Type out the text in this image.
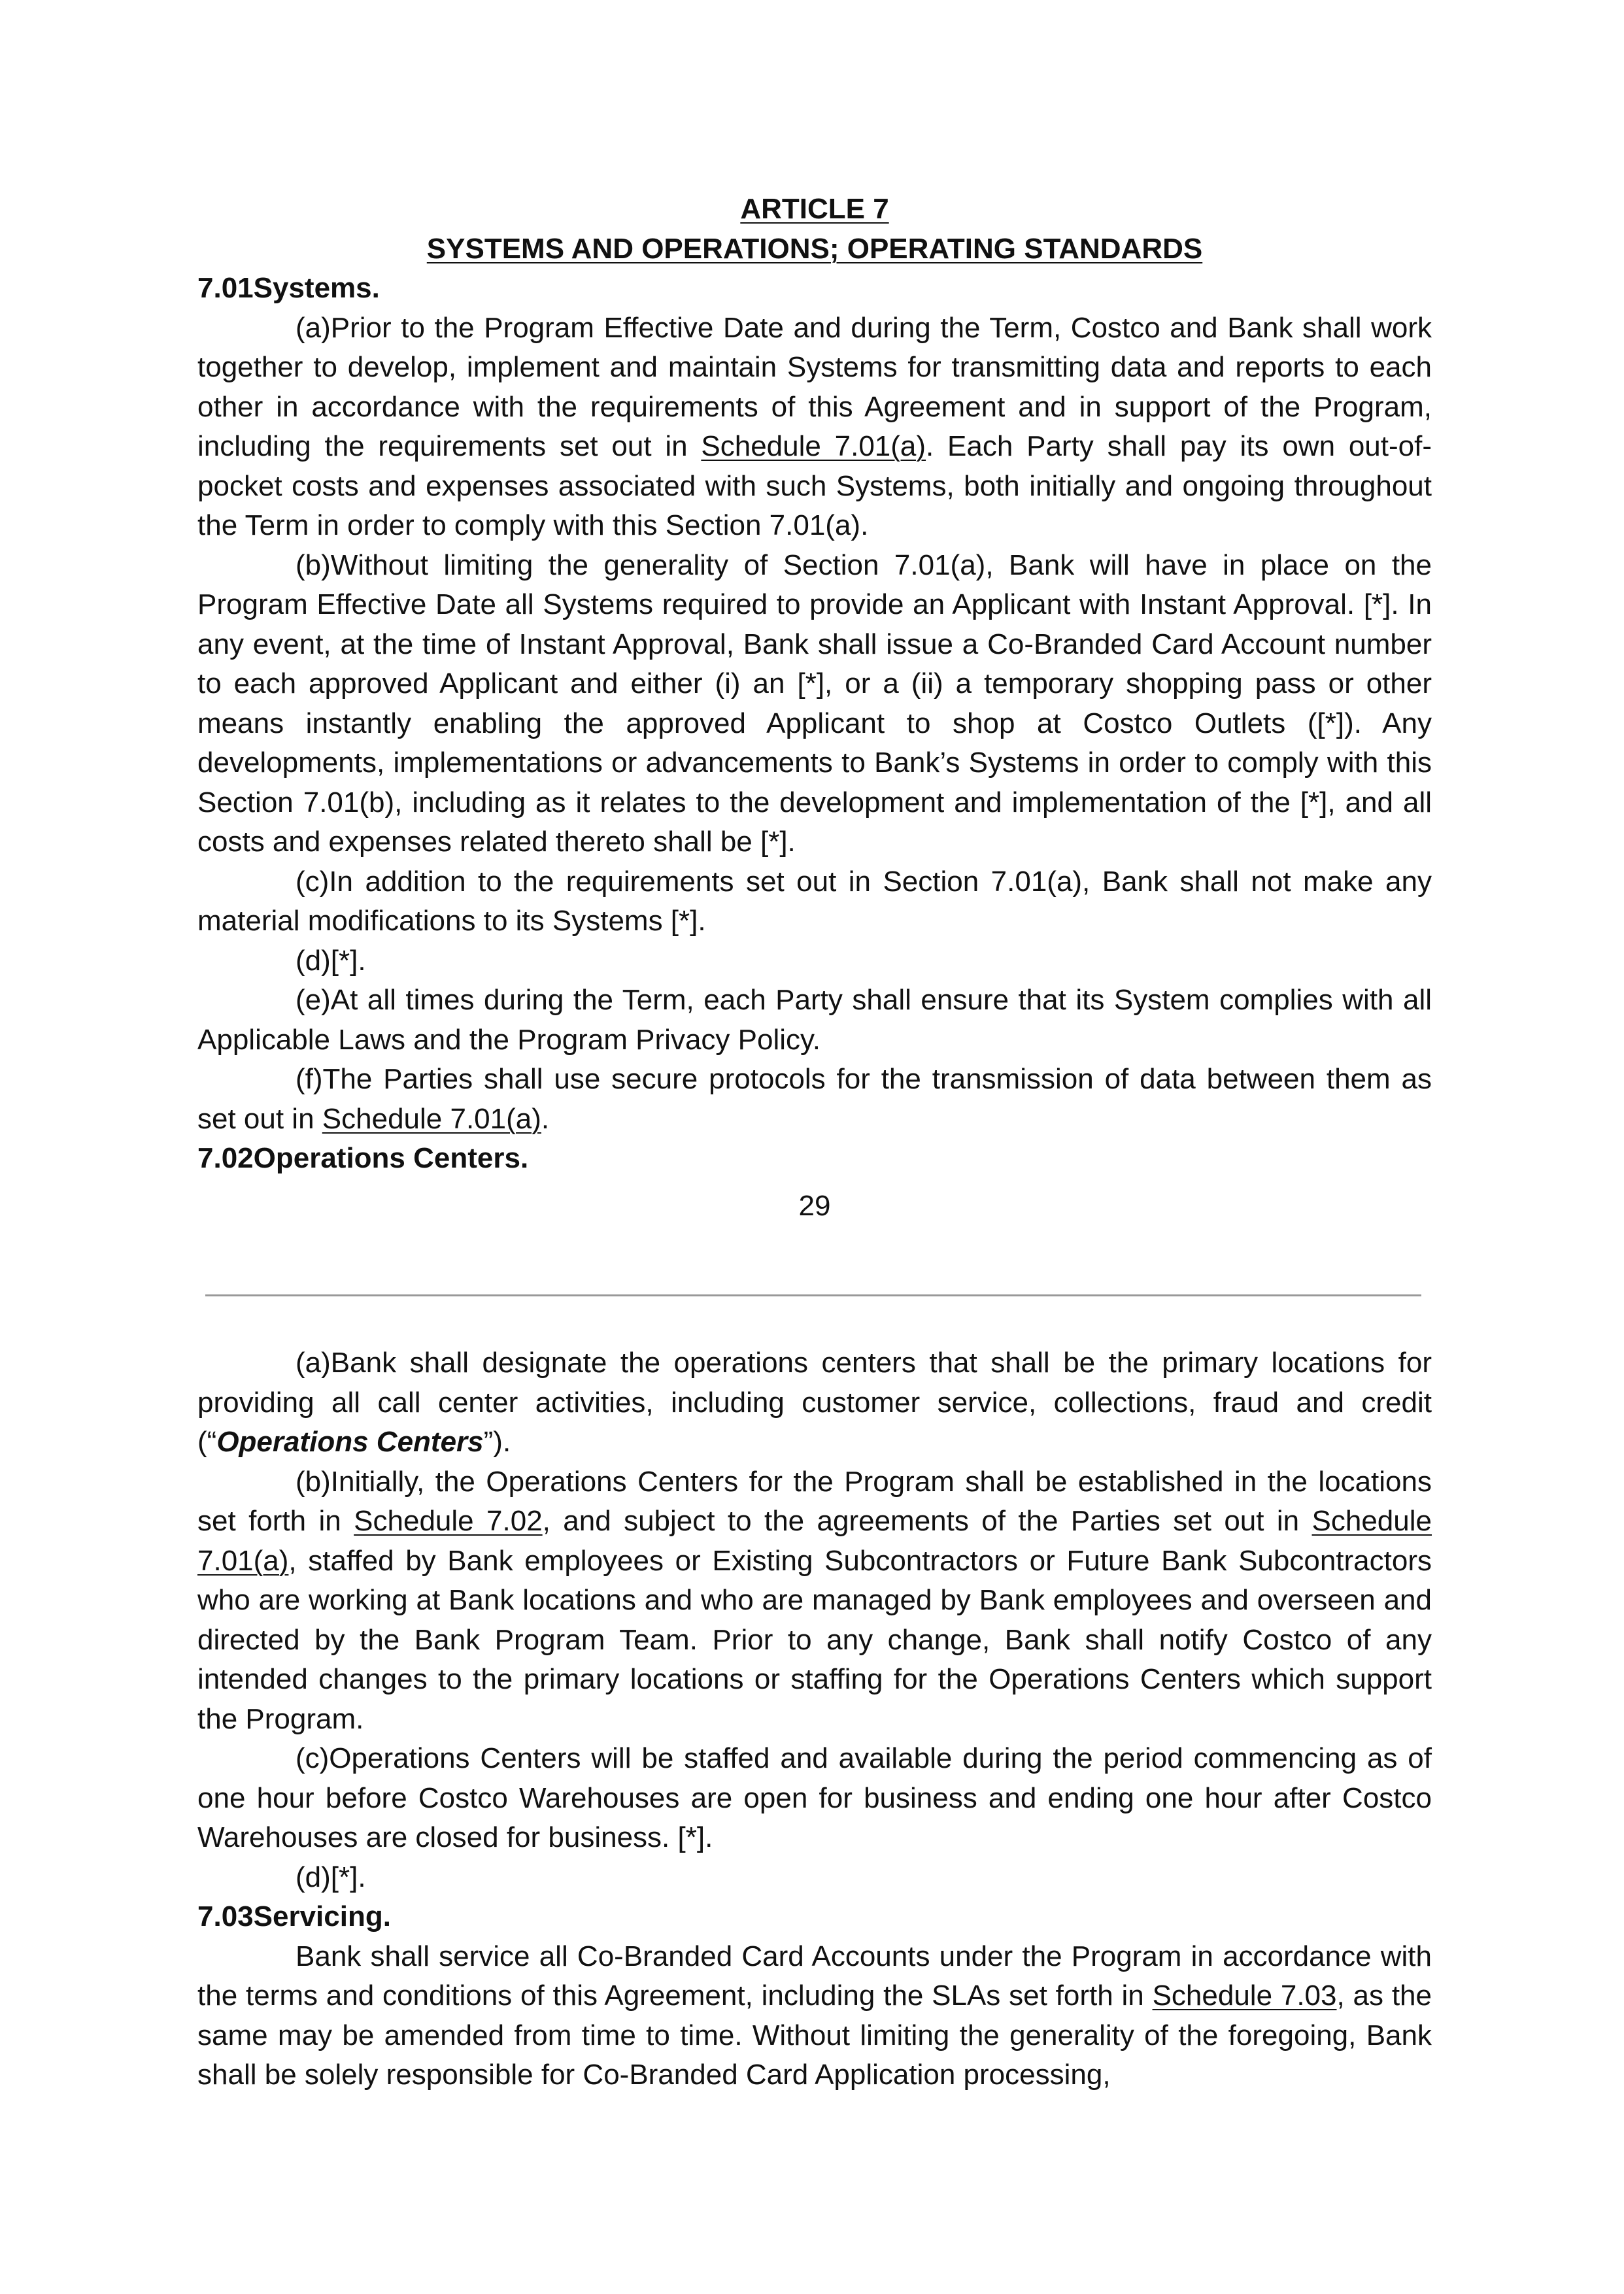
ARTICLE 7
SYSTEMS AND OPERATIONS; OPERATING STANDARDS
7.01Systems.
(a)Prior to the Program Effective Date and during the Term, Costco and Bank shall work together to develop, implement and maintain Systems for transmitting data and reports to each other in accordance with the requirements of this Agreement and in support of the Program, including the requirements set out in Schedule 7.01(a). Each Party shall pay its own out-of-pocket costs and expenses associated with such Systems, both initially and ongoing throughout the Term in order to comply with this Section 7.01(a).
(b)Without limiting the generality of Section 7.01(a), Bank will have in place on the Program Effective Date all Systems required to provide an Applicant with Instant Approval. [*]. In any event, at the time of Instant Approval, Bank shall issue a Co-Branded Card Account number to each approved Applicant and either (i) an [*], or a (ii) a temporary shopping pass or other means instantly enabling the approved Applicant to shop at Costco Outlets ([*]). Any developments, implementations or advancements to Bank’s Systems in order to comply with this Section 7.01(b), including as it relates to the development and implementation of the [*], and all costs and expenses related thereto shall be [*].
(c)In addition to the requirements set out in Section 7.01(a), Bank shall not make any material modifications to its Systems [*].
(d)[*].
(e)At all times during the Term, each Party shall ensure that its System complies with all Applicable Laws and the Program Privacy Policy.
(f)The Parties shall use secure protocols for the transmission of data between them as set out in Schedule 7.01(a).
7.02Operations Centers.
29
(a)Bank shall designate the operations centers that shall be the primary locations for providing all call center activities, including customer service, collections, fraud and credit (“Operations Centers”).
(b)Initially, the Operations Centers for the Program shall be established in the locations set forth in Schedule 7.02, and subject to the agreements of the Parties set out in Schedule 7.01(a), staffed by Bank employees or Existing Subcontractors or Future Bank Subcontractors who are working at Bank locations and who are managed by Bank employees and overseen and directed by the Bank Program Team. Prior to any change, Bank shall notify Costco of any intended changes to the primary locations or staffing for the Operations Centers which support the Program.
(c)Operations Centers will be staffed and available during the period commencing as of one hour before Costco Warehouses are open for business and ending one hour after Costco Warehouses are closed for business. [*].
(d)[*].
7.03Servicing.
Bank shall service all Co-Branded Card Accounts under the Program in accordance with the terms and conditions of this Agreement, including the SLAs set forth in Schedule 7.03, as the same may be amended from time to time. Without limiting the generality of the foregoing, Bank shall be solely responsible for Co-Branded Card Application processing,
